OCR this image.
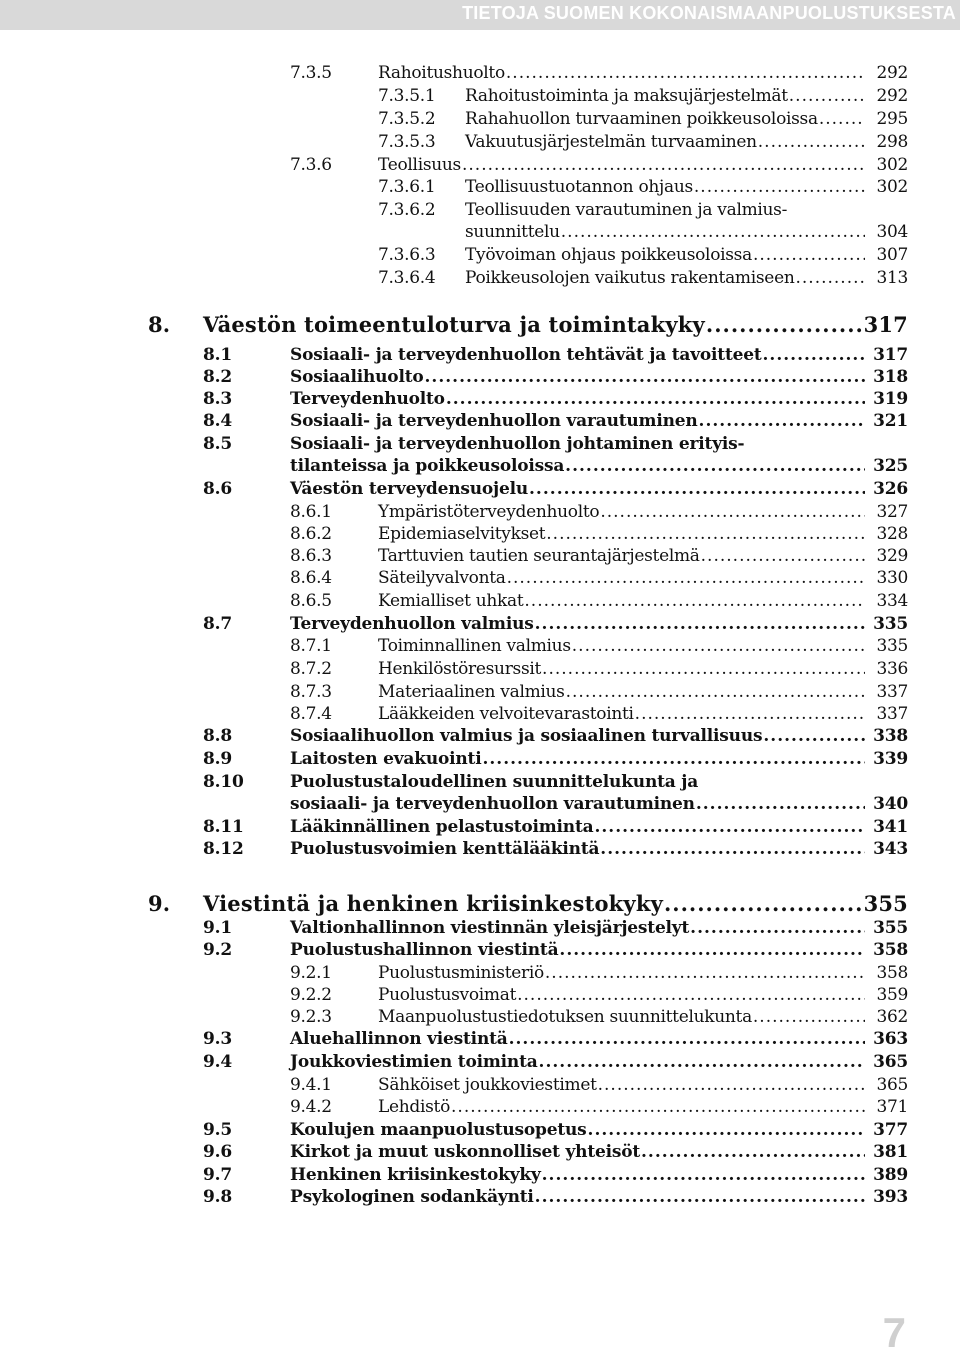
TIETOJA SUOMEN KOKONAISMAANPUOLUSTUKSESTA
7.3.5	Rahoitushuolto .....	292
7.3.5.1 Rahoitustoiminta ja maksujärjestelmät .....	292
7.3.5.2 Rahahuollon turvaaminen poikkeusoloissa .....	295
7.3.5.3 Vakuutusjärjestelmän turvaaminen .....	298
7.3.6	Teollisuus .....	302
7.3.6.1 Teollisuustuotannon ohjaus .....	302
7.3.6.2 Teollisuuden varautuminen ja valmius-
suunnittelu .....	304
7.3.6.3 Työvoiman ohjaus poikkeusoloissa .....	307
7.3.6.4 Poikkeusolojen vaikutus rakentamiseen .....	313
8. Väestön toimeentuloturva ja toimintakyky .....	317
8.1	Sosiaali- ja terveydenhuollon tehtävät ja tavoitteet .....	317
8.2	Sosiaalihuolto .....	318
8.3	Terveydenhuolto .....	319
8.4	Sosiaali- ja terveydenhuollon varautuminen .....	321
8.5	Sosiaali- ja terveydenhuollon johtaminen erityis-
tilanteissa ja poikkeusoloissa .....	325
8.6	Väestön terveydensuojelu .....	326
8.6.1	Ympäristöterveydenhuolto .....	327
8.6.2	Epidemiaselvitykset .....	328
8.6.3	Tarttuvien tautien seurantajärjestelmä .....	329
8.6.4	Säteilyvalvonta .....	330
8.6.5	Kemialliset uhkat .....	334
8.7	Terveydenhuollon valmius .....	335
8.7.1	Toiminnallinen valmius .....	335
8.7.2	Henkilöstöresurssit .....	336
8.7.3	Materiaalinen valmius .....	337
8.7.4	Lääkkeiden velvoitevarastointi .....	337
8.8	Sosiaalihuollon valmius ja sosiaalinen turvallisuus .....	338
8.9	Laitosten evakuointi .....	339
8.10	Puolustustaloudellinen suunnittelukunta ja
sosiaali- ja terveydenhuollon varautuminen .....	340
8.11	Lääkinnällinen pelastustoiminta .....	341
8.12	Puolustusvoimien kenttälääkintä .....	343
9. Viestintä ja henkinen kriisinkestokyky .....	355
9.1	Valtionhallinnon viestinnän yleisjärjestelyt .....	355
9.2	Puolustushallinnon viestintä .....	358
9.2.1	Puolustusministeriö .....	358
9.2.2	Puolustusvoimat .....	359
9.2.3	Maanpuolustustiedotuksen suunnittelukunta .....	362
9.3	Aluehallinnon viestintä .....	363
9.4	Joukkoviestimien toiminta .....	365
9.4.1	Sähköiset joukkoviestimet .....	365
9.4.2	Lehdistö .....	371
9.5	Koulujen maanpuolustusopetus .....	377
9.6	Kirkot ja muut uskonnolliset yhteisöt .....	381
9.7	Henkinen kriisinkestokyky .....	389
9.8	Psykologinen sodankäynti .....	393
7
